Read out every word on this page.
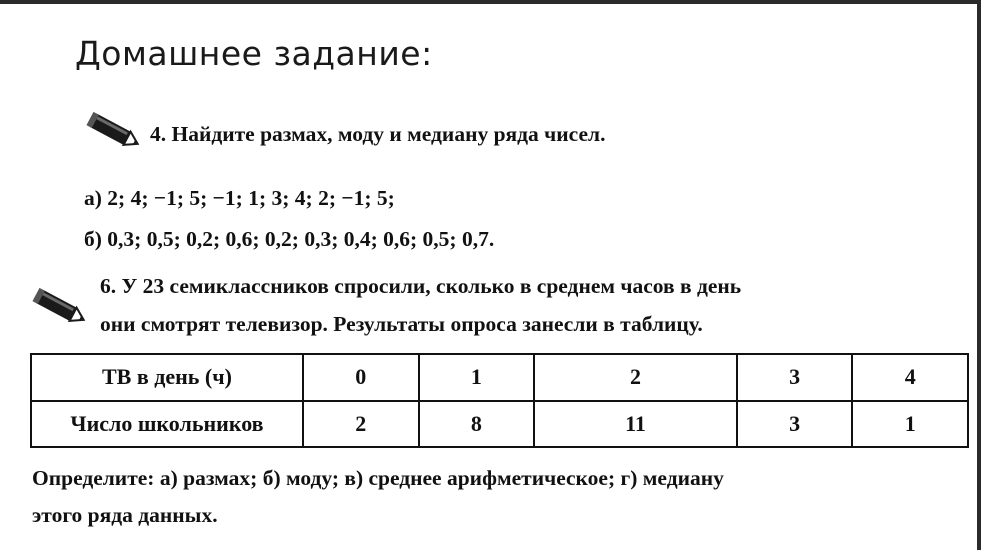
Домашнее задание:
4. Найдите размах, моду и медиану ряда чисел.
а) 2; 4; −1; 5; −1; 1; 3; 4; 2; −1; 5;
б) 0,3; 0,5; 0,2; 0,6; 0,2; 0,3; 0,4; 0,6; 0,5; 0,7.
6. У 23 семиклассников спросили, сколько в среднем часов в день
они смотрят телевизор. Результаты опроса занесли в таблицу.
ТВ в день (ч)	0	1	2	3	4
Число школьников	2	8	11	3	1
Определите: а) размах; б) моду; в) среднее арифметическое; г) медиану
этого ряда данных.
